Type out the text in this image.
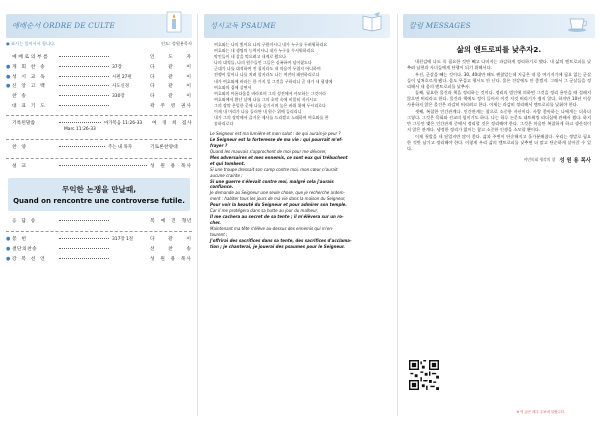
예배순서 ORDRE DE CULTE
● 표시는 일어서서 합니다.	인도: 성원용목사
예배로의부름	인 도 자
● 개 회 찬 송	37장	다 같 이
● 성 시 교 독	시편 27편	다 같 이
● 신 앙 고 백	사도신경	다 같 이
찬 송	330장	다 같 이
대 표 기 도	곽 주 영 권사
기록된말씀	마가복음 11:26-33	여 경 희 집사
Marc 11:26-33
찬 양	주는 내 목자	기토론찬양대
설 교	성 원 용 목사
무익한 논쟁을 만날때,
Quand on rencontre une controverse futile.
응 답 송	복 예 진 형년
● 봉 헌	317장 1절	다 같 이
● 결단의찬송	선 찬 송
● 강 복 선 언	성 원 용 목사
성시교독 PSAUME
여호와는 나의 빛이요 나의 구원이시니 내가 누구를 두려워하리요
여호와는 내 생명의 능력이시니 내가 누구를 무서워하리요
악인들이 내 살을 먹으려고 내게로 왔으나
나의 대적들, 나의 원수들인 그들은 실족하여 넘어졌도다
군대가 나를 대적하여 진 칠지라도 내 마음이 두렵지 아니하며
전쟁이 일어나 나를 치려 할지라도 나는 여전히 태연하리로다
내가 여호와께 바라는 한 가지 일 그것을 구하리니 곧 내가 내 평생에
여호와의 집에 살면서
여호와의 아름다움을 바라보며 그의 성전에서 사모하는 그것이라
여호와께서 환난 날에 나를 그의 초막 속에 비밀히 지키시고
그의 장막 은밀한 곳에 나를 숨기시며 높은 바위 위에 두시리로다
이제 내 머리가 나를 둘러싼 내 원수 위에 들리리니
내가 그의 장막에서 즐거운 제사를 드리겠고 노래하며 여호와를 찬
송하리로다
Le Seigneur est ma lumière et mon salut : de qui aurais-je peur ?
Le Seigneur est la forteresse de ma vie : qui pourrait m'ef-
frayer ?
Quand les mauvais s'approchent de moi pour me dévorer,
Mes adversaires et mes ennemis, ce sont eux qui trébuchent
et qui tombent.
Si une troupe dressait son camp contre moi, mon cœur n'aurait
aucune crainte ;
Si une guerre s'élevait contre moi, malgré cela j'aurais
confiance.
Je demande au Seigneur une seule chose, que je recherche ardem-
ment : habiter tous les jours de ma vie dans la maison du Seigneur,
Pour voir la beauté du Seigneur et pour admirer son temple.
Car il me protégera dans sa hutte au jour du malheur,
Il me cachera au secret de sa tente ; il m'élèvera sur un ro-
cher.
Maintenant ma tête s'élève au-dessus des ennemis qui m'en-
tourent ;
J'offrirai des sacrifices dans sa tente, des sacrifices d'acclama-
tion ; je chanterai, je jouerai des psaumes pour le Seigneur.
칼럼 MESSAGES
삶의 엔트로피를 낮추자2.

내친김에 나도 꼭 필요한 것만 빼고 나머지는 과감하게 정리하기로 했다. 내 삶의 엔트로피를 낮추려 남편과 자녀들에게 단행이 되기 위해서다.

우선, 군살을 빼는 것이다. 30, 40대만 해도 괜찮았는데 지금은 내 몸 여기저기에 필요 없는 군살들이 넘쳐흐르게 됐다. 몸도 무겁고 행시도 안 난다. 물론 건강에도 안 좋겠지. 그래서 그 군살들을 정리해서 내 몸의 엔트로피를 낮추자.

둘째, 필요한 물건과 책을 정리하는 것이다. 정리의 범인에 의하면 그것을 정리 용안을 때 설레지 않으면 버리라고 한다. 물건과 책에도 정이 들어서 이것 저것 버리기가 쉽지 않다. 하지만 10년 이상 사용하지 않은 물건은 과감히 버리려고 한다. 이제는 과감히 정리해서 엔트로피를 낮춰야 한다.

셋째, 복잡한 인간관계다. 인간관계는 참으로 소중한 자산이다. 사람 좋아하는 나에게는 더욱더 그렇다. 그것은 목회와 선교의 힘이기도 하다. 나는 하루 논문도 네트워킹 리더십에 관해서 썼다. 하지만 그동안 맺은 인간관계 중에서 정리할 것은 정리해야 한다. 그것은 마음만 복잡하게 하고 생산적이지 않은 관계다. 냉정한 정리가 없이는 참고 소중한 인생을 소모할 뿐이다.

이제 첫발을 내 딛었지만 많이 좋다. 삶과 주변이 단순해지고 홀가분해졌다. 우리는 정말로 필요한 것만 남기고 정리해야 한다. 이렇게 우리 삶의 엔트로피를 낮추면 더 맑고 단순하게 살아갈 수 있다.

이민목회 생각의 창 성 원 용 목사
※ 이 글은 매주 주보에 실립니다.
